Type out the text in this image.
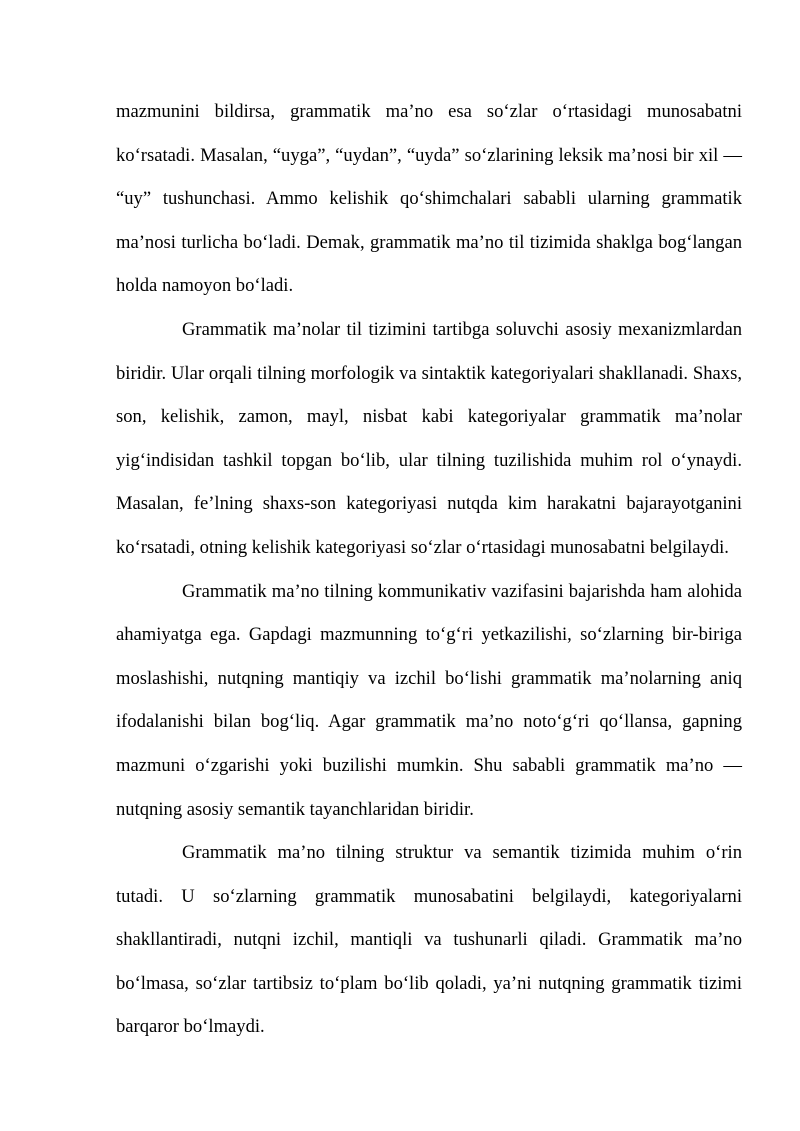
mazmunini bildirsa, grammatik ma’no esa so‘zlar o‘rtasidagi munosabatni ko‘rsatadi. Masalan, “uyga”, “uydan”, “uyda” so‘zlarining leksik ma’nosi bir xil — “uy” tushunchasi. Ammo kelishik qo‘shimchalari sababli ularning grammatik ma’nosi turlicha bo‘ladi. Demak, grammatik ma’no til tizimida shaklga bog‘langan holda namoyon bo‘ladi.

Grammatik ma’nolar til tizimini tartibga soluvchi asosiy mexanizmlardan biridir. Ular orqali tilning morfologik va sintaktik kategoriyalari shakllanadi. Shaxs, son, kelishik, zamon, mayl, nisbat kabi kategoriyalar grammatik ma’nolar yig‘indisidan tashkil topgan bo‘lib, ular tilning tuzilishida muhim rol o‘ynaydi. Masalan, fe’lning shaxs-son kategoriyasi nutqda kim harakatni bajarayotganini ko‘rsatadi, otning kelishik kategoriyasi so‘zlar o‘rtasidagi munosabatni belgilaydi.

Grammatik ma’no tilning kommunikativ vazifasini bajarishda ham alohida ahamiyatga ega. Gapdagi mazmunning to‘g‘ri yetkazilishi, so‘zlarning bir-biriga moslashishi, nutqning mantiqiy va izchil bo‘lishi grammatik ma’nolarning aniq ifodalanishi bilan bog‘liq. Agar grammatik ma’no noto‘g‘ri qo‘llansa, gapning mazmuni o‘zgarishi yoki buzilishi mumkin. Shu sababli grammatik ma’no — nutqning asosiy semantik tayanchlaridan biridir.

Grammatik ma’no tilning struktur va semantik tizimida muhim o‘rin tutadi. U so‘zlarning grammatik munosabatini belgilaydi, kategoriyalarni shakllantiradi, nutqni izchil, mantiqli va tushunarli qiladi. Grammatik ma’no bo‘lmasa, so‘zlar tartibsiz to‘plam bo‘lib qoladi, ya’ni nutqning grammatik tizimi barqaror bo‘lmaydi.
